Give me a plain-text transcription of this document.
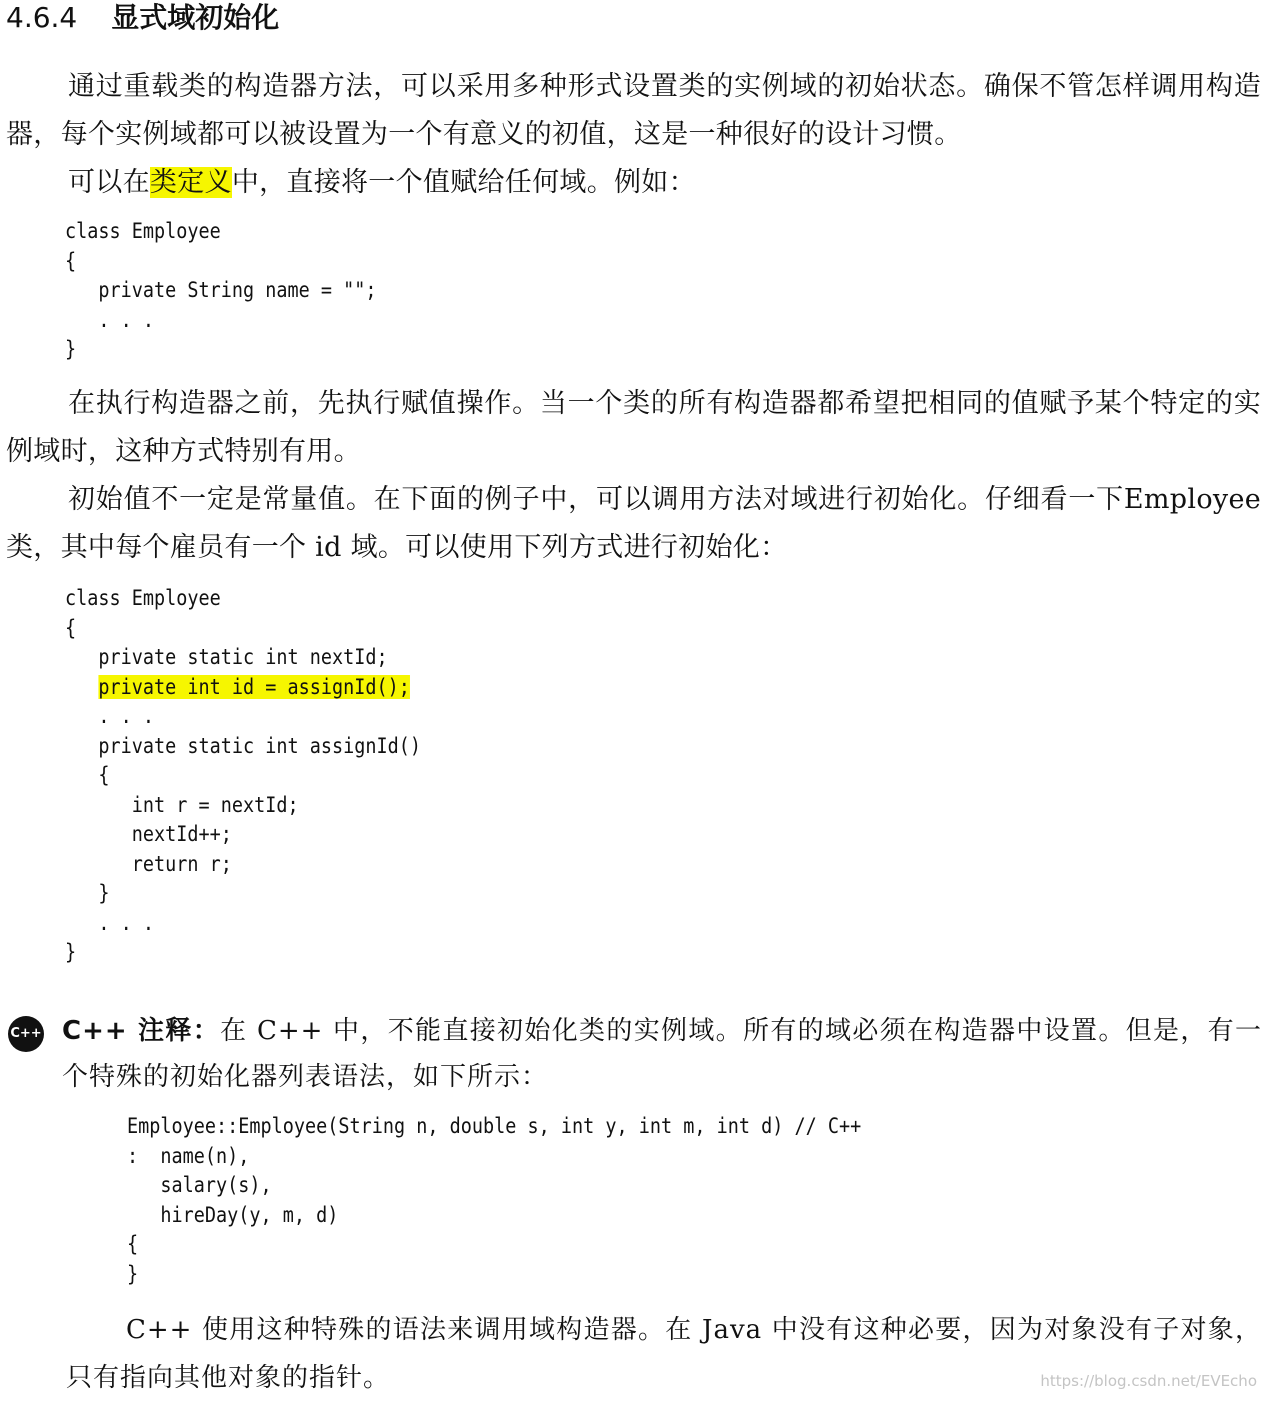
4.6.4 显式域初始化
通过重载类的构造器方法，可以采用多种形式设置类的实例域的初始状态。确保不管怎样调用构造器，每个实例域都可以被设置为一个有意义的初值，这是一种很好的设计习惯。
可以在类定义中，直接将一个值赋给任何域。例如：
class Employee
{
private String name = "";
. . .
}
在执行构造器之前，先执行赋值操作。当一个类的所有构造器都希望把相同的值赋予某个特定的实例域时，这种方式特别有用。
初始值不一定是常量值。在下面的例子中，可以调用方法对域进行初始化。仔细看一下Employee 类，其中每个雇员有一个 id 域。可以使用下列方式进行初始化：
class Employee
{
private static int nextId;
private int id = assignId();
. . .
private static int assignId()
{
int r = nextId;
nextId++;
return r;
}
. . .
}
C++ C++ 注释：在 C++ 中，不能直接初始化类的实例域。所有的域必须在构造器中设置。但是，有一个特殊的初始化器列表语法，如下所示：
Employee::Employee(String n, double s, int y, int m, int d) // C++
:  name(n),
salary(s),
hireDay(y, m, d)
{
}
C++ 使用这种特殊的语法来调用域构造器。在 Java 中没有这种必要，因为对象没有子对象，只有指向其他对象的指针。	https://blog.csdn.net/EVEcho
